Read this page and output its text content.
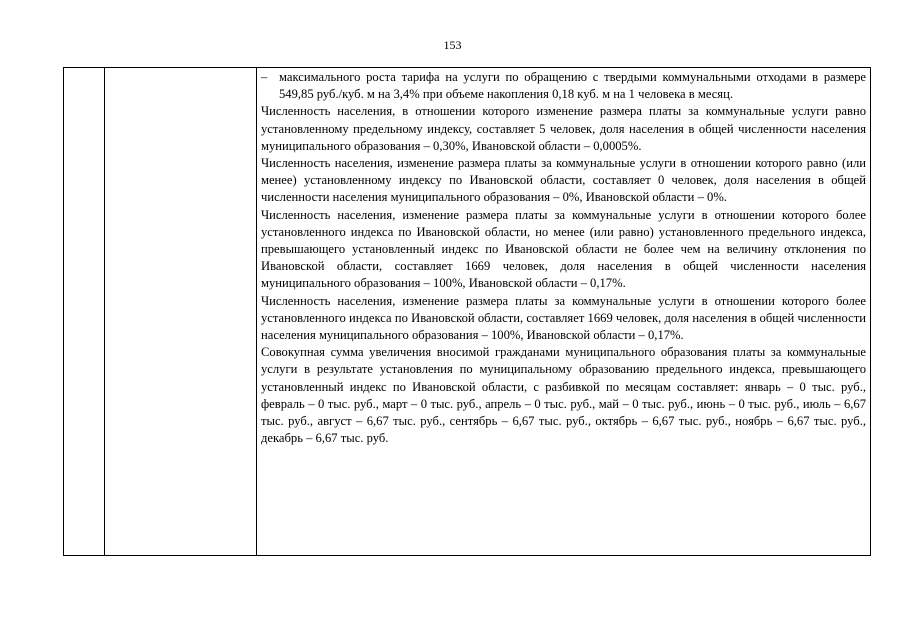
153

– максимального роста тарифа на услуги по обращению с твердыми коммунальными отходами в размере 549,85 руб./куб. м на 3,4% при объеме накопления 0,18 куб. м на 1 человека в месяц.

Численность населения, в отношении которого изменение размера платы за коммунальные услуги равно установленному предельному индексу, составляет 5 человек, доля населения в общей численности населения муниципального образования – 0,30%, Ивановской области – 0,0005%.

Численность населения, изменение размера платы за коммунальные услуги в отношении которого равно (или менее) установленному индексу по Ивановской области, составляет 0 человек, доля населения в общей численности населения муниципального образования – 0%, Ивановской области – 0%.

Численность населения, изменение размера платы за коммунальные услуги в отношении которого более установленного индекса по Ивановской области, но менее (или равно) установленного предельного индекса, превышающего установленный индекс по Ивановской области не более чем на величину отклонения по Ивановской области, составляет 1669 человек, доля населения в общей численности населения муниципального образования – 100%, Ивановской области – 0,17%.

Численность населения, изменение размера платы за коммунальные услуги в отношении которого более установленного индекса по Ивановской области, составляет 1669 человек, доля населения в общей численности населения муниципального образования – 100%, Ивановской области – 0,17%.

Совокупная сумма увеличения вносимой гражданами муниципального образования платы за коммунальные услуги в результате установления по муниципальному образованию предельного индекса, превышающего установленный индекс по Ивановской области, с разбивкой по месяцам составляет: январь – 0 тыс. руб., февраль – 0 тыс. руб., март – 0 тыс. руб., апрель – 0 тыс. руб., май – 0 тыс. руб., июнь – 0 тыс. руб., июль – 6,67 тыс. руб., август – 6,67 тыс. руб., сентябрь – 6,67 тыс. руб., октябрь – 6,67 тыс. руб., ноябрь – 6,67 тыс. руб., декабрь – 6,67 тыс. руб.
